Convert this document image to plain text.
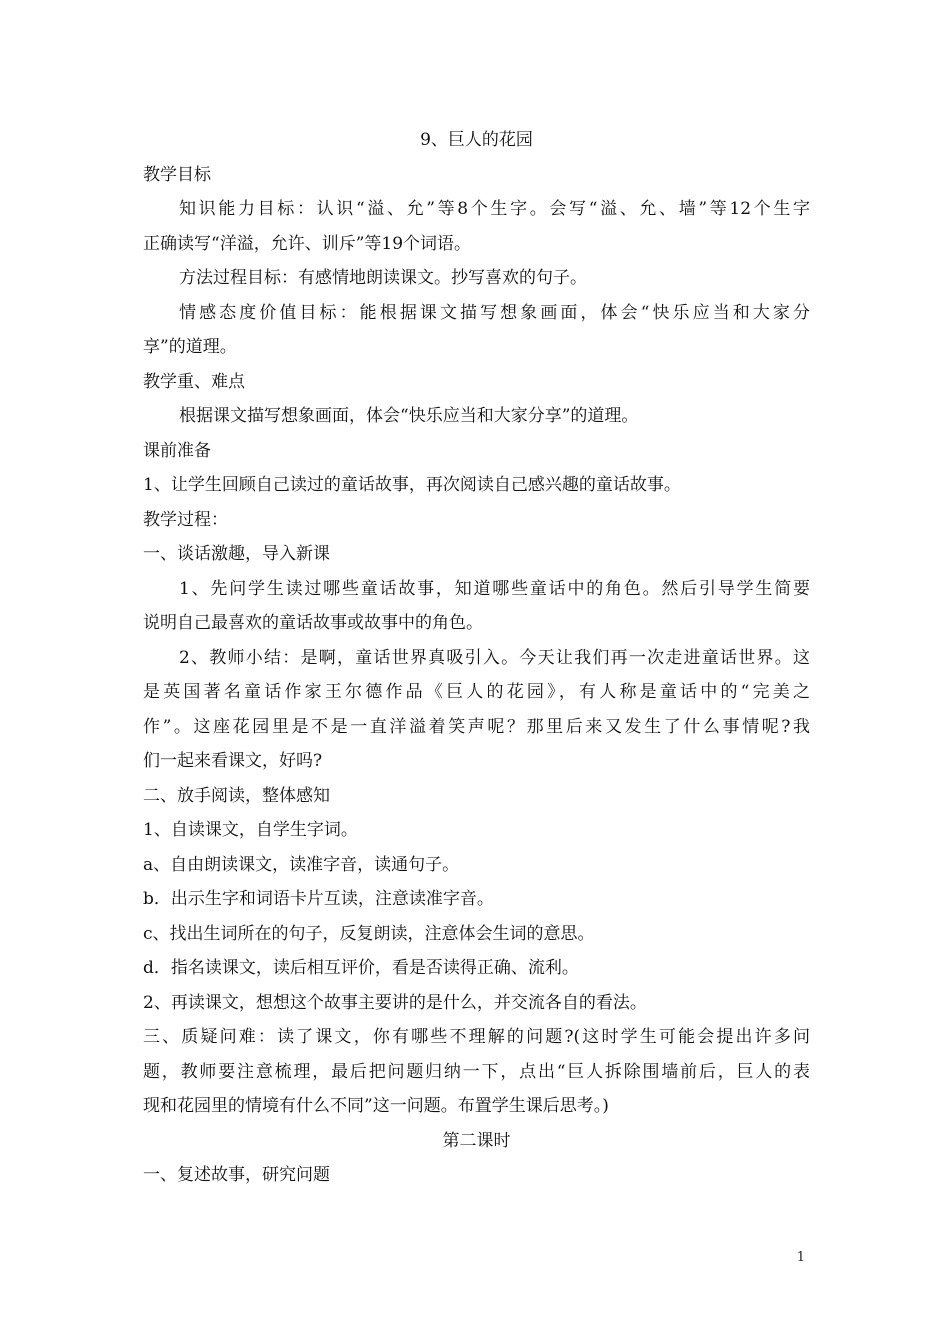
9、巨人的花园
教学目标
知识能力目标：认识“溢、允”等8个生字。会写“溢、允、墙”等12个生字
正确读写“洋溢，允许、训斥”等19个词语。
方法过程目标：有感情地朗读课文。抄写喜欢的句子。
情感态度价值目标：能根据课文描写想象画面，体会“快乐应当和大家分
享”的道理。
教学重、难点
根据课文描写想象画面，体会“快乐应当和大家分享”的道理。
课前准备
1、让学生回顾自己读过的童话故事，再次阅读自己感兴趣的童话故事。
教学过程：
一、谈话激趣，导入新课
1、先问学生读过哪些童话故事，知道哪些童话中的角色。然后引导学生简要
说明自己最喜欢的童话故事或故事中的角色。
2、教师小结：是啊，童话世界真吸引入。今天让我们再一次走进童话世界。这
是英国著名童话作家王尔德作品《巨人的花园》，有人称是童话中的“完美之
作”。这座花园里是不是一直洋溢着笑声呢？那里后来又发生了什么事情呢?我
们一起来看课文，好吗?
二、放手阅读，整体感知
1、自读课文，自学生字词。
a、自由朗读课文，读准字音，读通句子。
b．出示生字和词语卡片互读，注意读准字音。
c、找出生词所在的句子，反复朗读，注意体会生词的意思。
d．指名读课文，读后相互评价，看是否读得正确、流利。
2、再读课文，想想这个故事主要讲的是什么，并交流各自的看法。
三、质疑问难：读了课文，你有哪些不理解的问题?(这时学生可能会提出许多问
题，教师要注意梳理，最后把问题归纳一下，点出“巨人拆除围墙前后，巨人的表
现和花园里的情境有什么不同”这一问题。布置学生课后思考。)
第二课时
一、复述故事，研究问题
1
